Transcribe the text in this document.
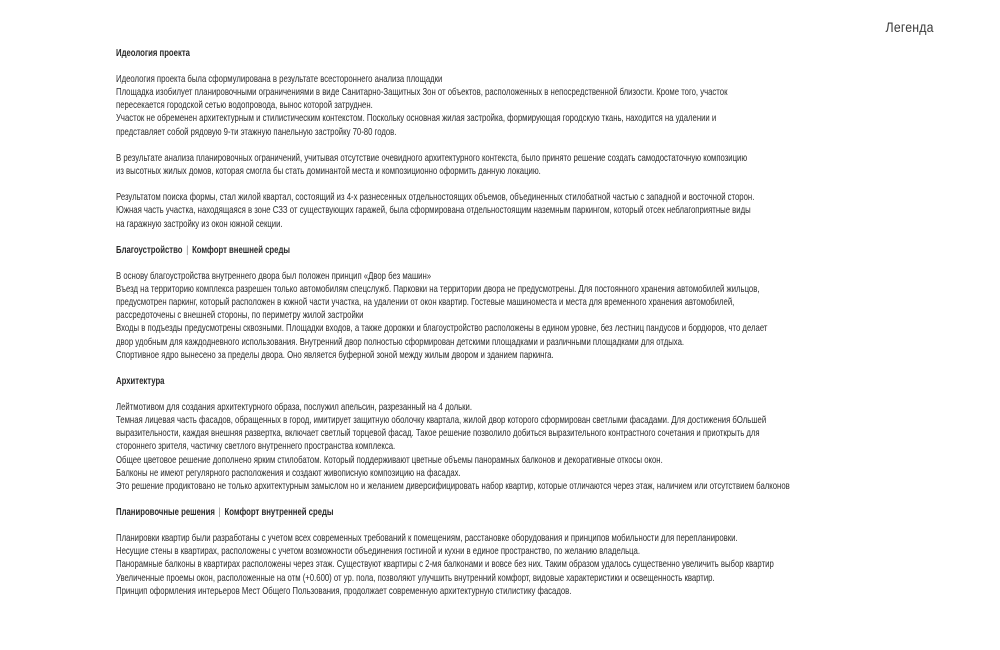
Легенда
Идеология проекта
Идеология проекта была сформулирована в результате всестороннего анализа площадки
Площадка изобилует планировочными ограничениями в виде Санитарно-Защитных Зон от объектов, расположенных в непосредственной близости. Кроме того, участок
пересекается городской сетью водопровода, вынос которой затруднен.
Участок не обременен архитектурным и стилистическим контекстом. Поскольку основная жилая застройка, формирующая городскую ткань, находится на удалении и
представляет собой рядовую 9-ти этажную панельную застройку 70-80 годов.
В результате анализа планировочных ограничений, учитывая отсутствие очевидного архитектурного контекста, было принято решение создать самодостаточную композицию
из высотных жилых домов, которая смогла бы стать доминантой места и композиционно оформить данную локацию.
Результатом поиска формы, стал жилой квартал, состоящий из 4-х разнесенных отдельностоящих объемов, объединенных стилобатной частью с западной и восточной сторон.
Южная часть участка, находящаяся в зоне СЗЗ от существующих гаражей, была сформирована отдельностоящим наземным паркингом, который отсек неблагоприятные виды
на гаражную застройку из окон южной секции.
Благоустройство | Комфорт внешней среды
В основу благоустройства внутреннего двора был положен принцип «Двор без машин»
Въезд на территорию комплекса разрешен только автомобилям спецслужб. Парковки на территории двора не предусмотрены. Для постоянного хранения автомобилей жильцов,
предусмотрен паркинг, который расположен в южной части участка, на удалении от окон квартир. Гостевые машиноместа и места для временного хранения автомобилей,
рассредоточены с внешней стороны, по периметру жилой застройки
Входы в подъезды предусмотрены сквозными. Площадки входов, а также дорожки и благоустройство расположены в едином уровне, без лестниц пандусов и бордюров, что делает
двор удобным для каждодневного использования. Внутренний двор полностью сформирован детскими площадками и различными площадками для отдыха.
Спортивное ядро вынесено за пределы двора. Оно является буферной зоной между жилым двором и зданием паркинга.
Архитектура
Лейтмотивом для создания архитектурного образа, послужил апельсин, разрезанный на 4 дольки.
Темная лицевая часть фасадов, обращенных в город, имитирует защитную оболочку квартала, жилой двор которого сформирован светлыми фасадами. Для достижения бОльшей
выразительности, каждая внешняя развертка, включает светлый торцевой фасад. Такое решение позволило добиться выразительного контрастного сочетания и приоткрыть для
стороннего зрителя, частичку светлого внутреннего пространства комплекса.
Общее цветовое решение дополнено ярким стилобатом. Который поддерживают цветные объемы панорамных балконов и декоративные откосы окон.
Балконы не имеют регулярного расположения и создают живописную композицию на фасадах.
Это решение продиктовано не только архитектурным замыслом но и желанием диверсифицировать набор квартир, которые отличаются через этаж, наличием или отсутствием балконов
Планировочные решения | Комфорт внутренней среды
Планировки квартир были разработаны с учетом всех современных требований к помещениям, расстановке оборудования и принципов мобильности для перепланировки.
Несущие стены в квартирах, расположены с учетом возможности объединения гостиной и кухни в единое пространство, по желанию владельца.
Панорамные балконы в квартирах расположены через этаж. Существуют квартиры с 2-мя балконами и вовсе без них. Таким образом удалось существенно увеличить выбор квартир
Увеличенные проемы окон, расположенные на отм (+0.600) от ур. пола, позволяют улучшить внутренний комфорт, видовые характеристики и освещенность квартир.
Принцип оформления интерьеров Мест Общего Пользования, продолжает современную архитектурную стилистику фасадов.
